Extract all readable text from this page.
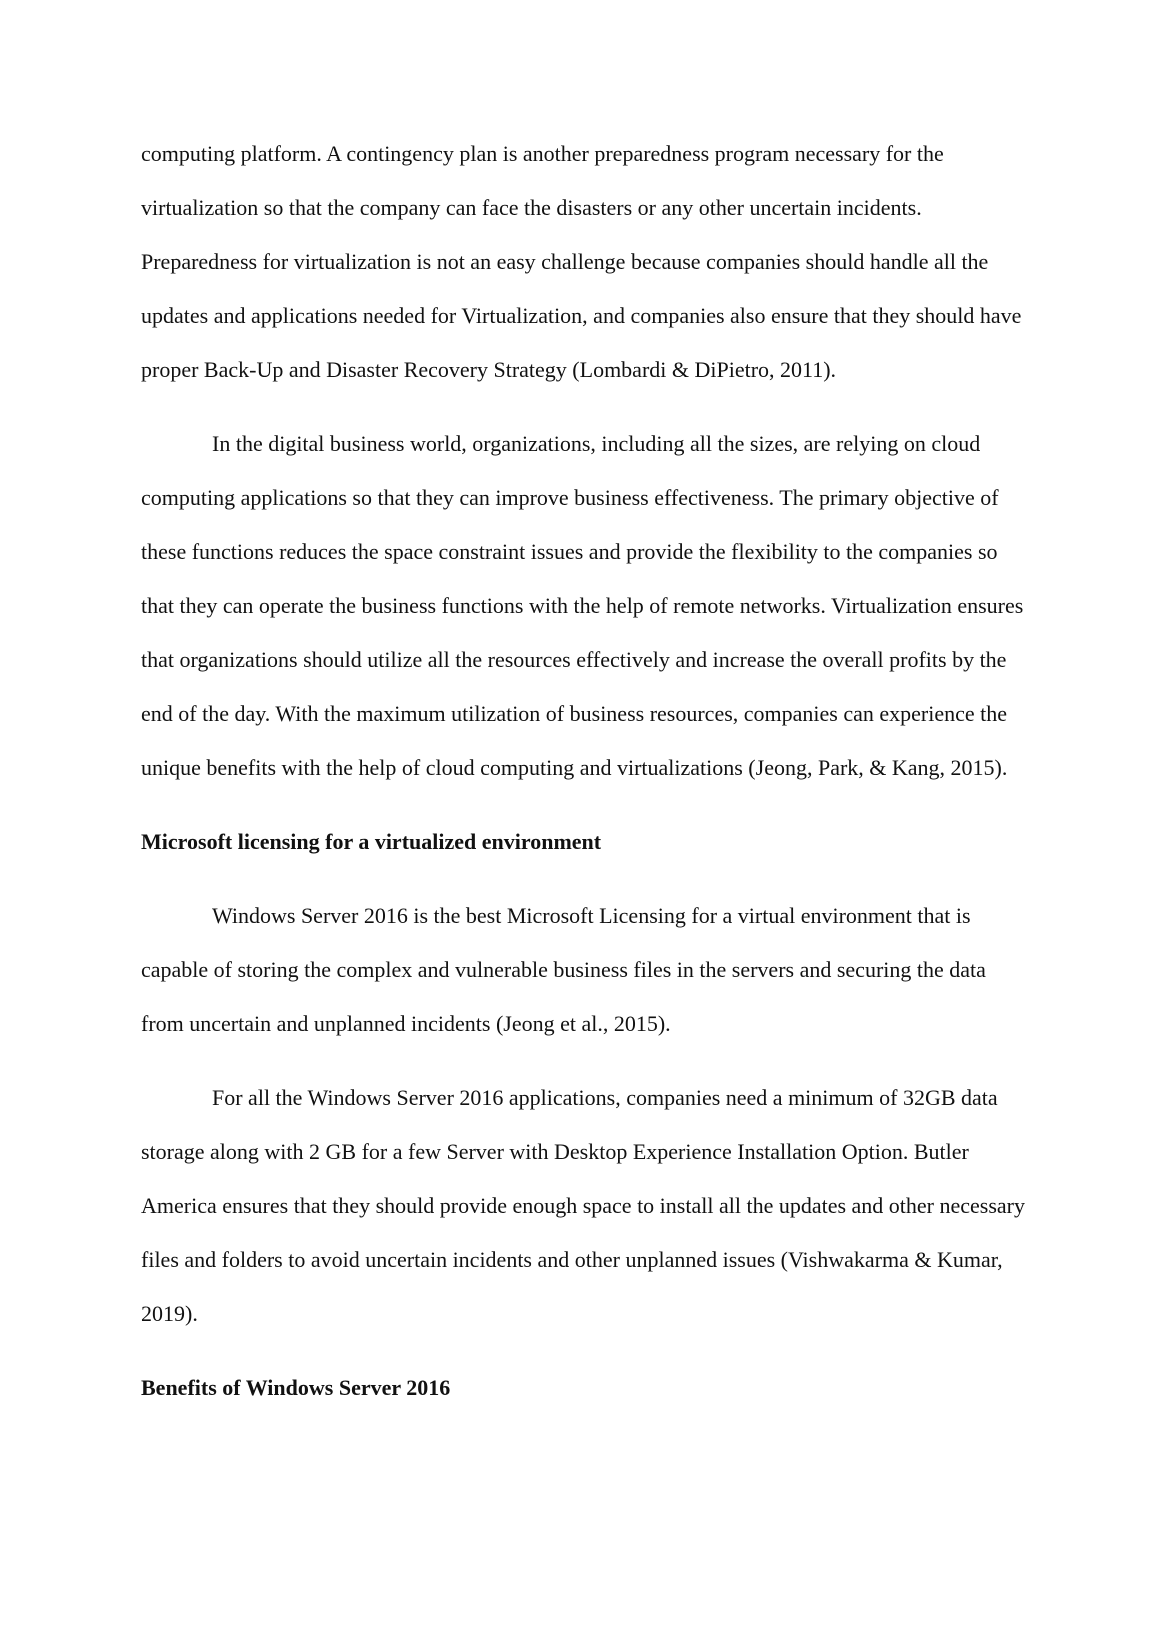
computing platform. A contingency plan is another preparedness program necessary for the virtualization so that the company can face the disasters or any other uncertain incidents. Preparedness for virtualization is not an easy challenge because companies should handle all the updates and applications needed for Virtualization, and companies also ensure that they should have proper Back-Up and Disaster Recovery Strategy (Lombardi & DiPietro, 2011).

In the digital business world, organizations, including all the sizes, are relying on cloud computing applications so that they can improve business effectiveness. The primary objective of these functions reduces the space constraint issues and provide the flexibility to the companies so that they can operate the business functions with the help of remote networks. Virtualization ensures that organizations should utilize all the resources effectively and increase the overall profits by the end of the day. With the maximum utilization of business resources, companies can experience the unique benefits with the help of cloud computing and virtualizations (Jeong, Park, & Kang, 2015).

Microsoft licensing for a virtualized environment

Windows Server 2016 is the best Microsoft Licensing for a virtual environment that is capable of storing the complex and vulnerable business files in the servers and securing the data from uncertain and unplanned incidents (Jeong et al., 2015).

For all the Windows Server 2016 applications, companies need a minimum of 32GB data storage along with 2 GB for a few Server with Desktop Experience Installation Option. Butler America ensures that they should provide enough space to install all the updates and other necessary files and folders to avoid uncertain incidents and other unplanned issues (Vishwakarma & Kumar, 2019).

Benefits of Windows Server 2016
